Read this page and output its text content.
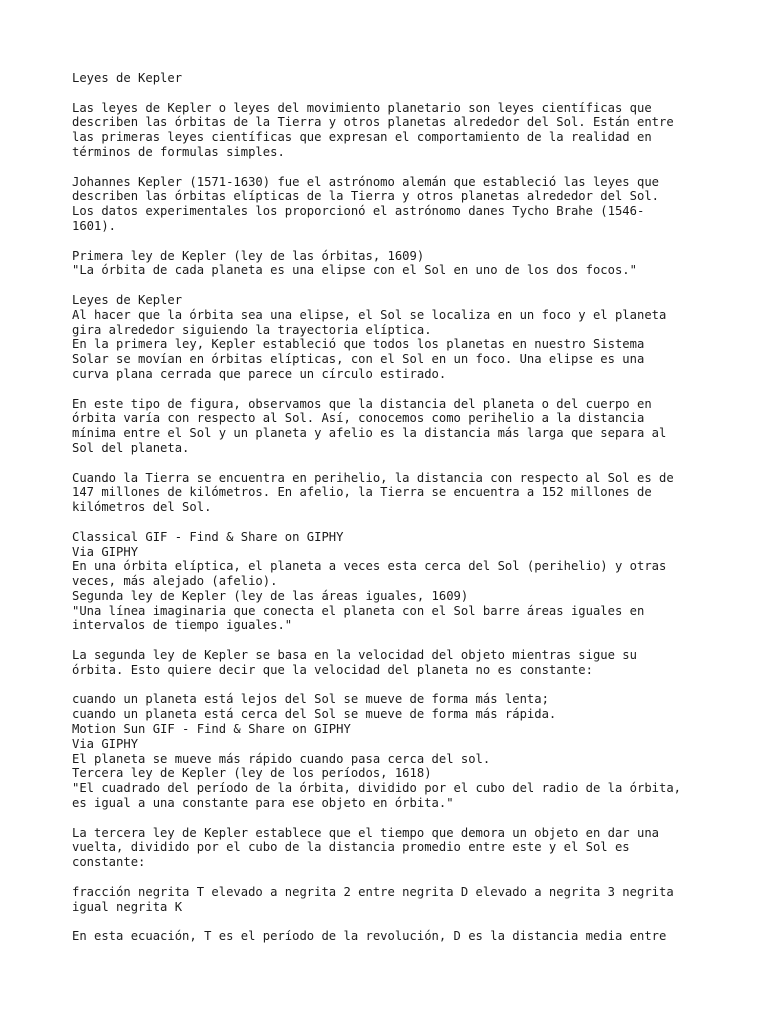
Leyes de Kepler

Las leyes de Kepler o leyes del movimiento planetario son leyes científicas que
describen las órbitas de la Tierra y otros planetas alrededor del Sol. Están entre
las primeras leyes científicas que expresan el comportamiento de la realidad en
términos de formulas simples.

Johannes Kepler (1571-1630) fue el astrónomo alemán que estableció las leyes que
describen las órbitas elípticas de la Tierra y otros planetas alrededor del Sol.
Los datos experimentales los proporcionó el astrónomo danes Tycho Brahe (1546-
1601).

Primera ley de Kepler (ley de las órbitas, 1609)
"La órbita de cada planeta es una elipse con el Sol en uno de los dos focos."

Leyes de Kepler
Al hacer que la órbita sea una elipse, el Sol se localiza en un foco y el planeta
gira alrededor siguiendo la trayectoria elíptica.
En la primera ley, Kepler estableció que todos los planetas en nuestro Sistema
Solar se movían en órbitas elípticas, con el Sol en un foco. Una elipse es una
curva plana cerrada que parece un círculo estirado.

En este tipo de figura, observamos que la distancia del planeta o del cuerpo en
órbita varía con respecto al Sol. Así, conocemos como perihelio a la distancia
mínima entre el Sol y un planeta y afelio es la distancia más larga que separa al
Sol del planeta.

Cuando la Tierra se encuentra en perihelio, la distancia con respecto al Sol es de
147 millones de kilómetros. En afelio, la Tierra se encuentra a 152 millones de
kilómetros del Sol.

Classical GIF - Find & Share on GIPHY
Via GIPHY
En una órbita elíptica, el planeta a veces esta cerca del Sol (perihelio) y otras
veces, más alejado (afelio).
Segunda ley de Kepler (ley de las áreas iguales, 1609)
"Una línea imaginaria que conecta el planeta con el Sol barre áreas iguales en
intervalos de tiempo iguales."

La segunda ley de Kepler se basa en la velocidad del objeto mientras sigue su
órbita. Esto quiere decir que la velocidad del planeta no es constante:

cuando un planeta está lejos del Sol se mueve de forma más lenta;
cuando un planeta está cerca del Sol se mueve de forma más rápida.
Motion Sun GIF - Find & Share on GIPHY
Via GIPHY
El planeta se mueve más rápido cuando pasa cerca del sol.
Tercera ley de Kepler (ley de los períodos, 1618)
"El cuadrado del período de la órbita, dividido por el cubo del radio de la órbita,
es igual a una constante para ese objeto en órbita."

La tercera ley de Kepler establece que el tiempo que demora un objeto en dar una
vuelta, dividido por el cubo de la distancia promedio entre este y el Sol es
constante:

fracción negrita T elevado a negrita 2 entre negrita D elevado a negrita 3 negrita
igual negrita K

En esta ecuación, T es el período de la revolución, D es la distancia media entre
